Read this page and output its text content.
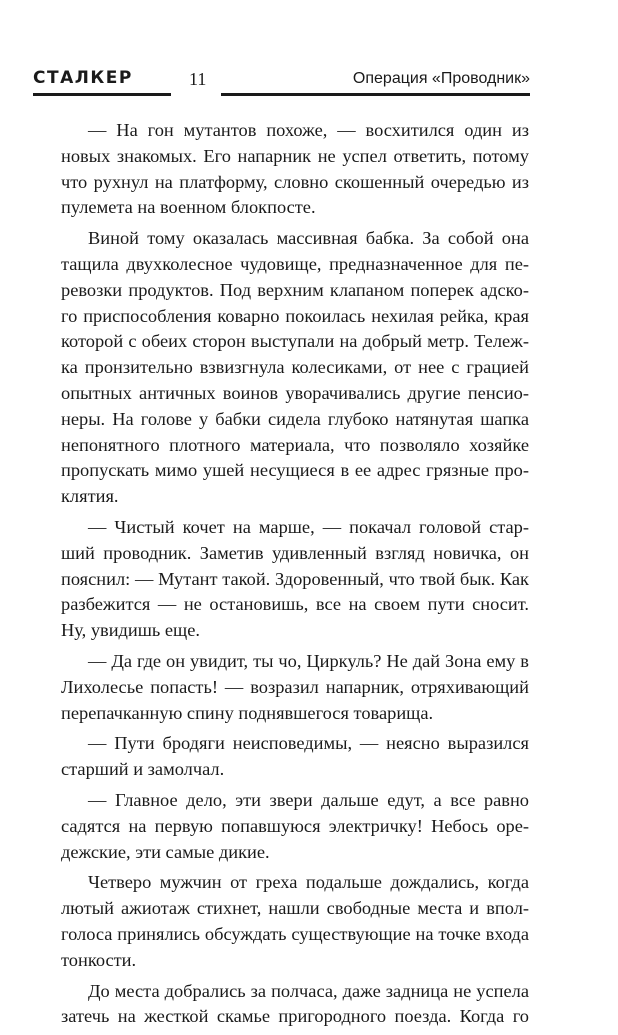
СТАЛКЕР	11	Операция «Проводник»

— На гон мутантов похоже, — восхитился один из новых знакомых. Его напарник не успел ответить, потому что рухнул на платформу, словно скошенный очередью из пулемета на военном блокпосте.

Виной тому оказалась массивная бабка. За собой она тащила двухколесное чудовище, предназначенное для перевозки продуктов. Под верхним клапаном поперек адского приспособления коварно покоилась нехилая рейка, края которой с обеих сторон выступали на добрый метр. Тележка пронзительно взвизгнула колесиками, от нее с грацией опытных античных воинов уворачивались другие пенсионеры. На голове у бабки сидела глубоко натянутая шапка непонятного плотного материала, что позволяло хозяйке пропускать мимо ушей несущиеся в ее адрес грязные проклятия.

— Чистый кочет на марше, — покачал головой старший проводник. Заметив удивленный взгляд новичка, он пояснил: — Мутант такой. Здоровенный, что твой бык. Как разбежится — не остановишь, все на своем пути сносит. Ну, увидишь еще.

— Да где он увидит, ты чо, Циркуль? Не дай Зона ему в Лихолесье попасть! — возразил напарник, отряхивающий перепачканную спину поднявшегося товарища.

— Пути бродяги неисповедимы, — неясно выразился старший и замолчал.

— Главное дело, эти звери дальше едут, а все равно садятся на первую попавшуюся электричку! Небось оредежские, эти самые дикие.

Четверо мужчин от греха подальше дождались, когда лютый ажиотаж стихнет, нашли свободные места и вполголоса принялись обсуждать существующие на точке входа тонкости.

До места добрались за полчаса, даже задница не успела затечь на жесткой скамье пригородного поезда. Когда го
